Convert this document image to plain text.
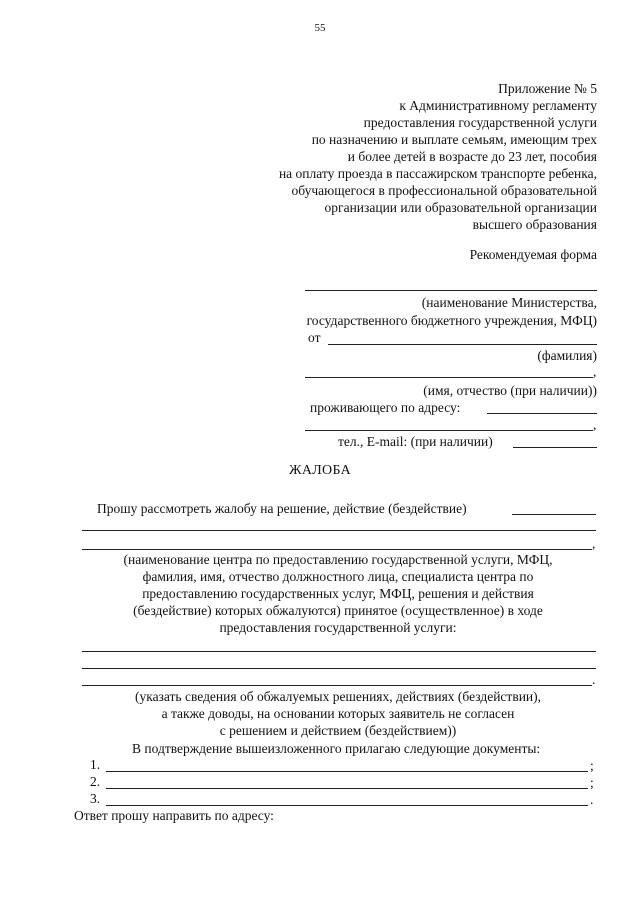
55
Приложение № 5
к Административному регламенту
предоставления государственной услуги
по назначению и выплате семьям, имеющим трех
и более детей в возрасте до 23 лет, пособия
на оплату проезда в пассажирском транспорте ребенка,
обучающегося в профессиональной образовательной
организации или образовательной организации
высшего образования
Рекомендуемая форма
(наименование Министерства,
государственного бюджетного учреждения, МФЦ)
от
(фамилия)
,
(имя, отчество (при наличии))
проживающего по адресу:
,
тел., E-mail: (при наличии)
ЖАЛОБА
Прошу рассмотреть жалобу на решение, действие (бездействие)
,
(наименование центра по предоставлению государственной услуги, МФЦ,
фамилия, имя, отчество должностного лица, специалиста центра по
предоставлению государственных услуг, МФЦ, решения и действия
(бездействие) которых обжалуются) принятое (осуществленное) в ходе
предоставления государственной услуги:
.
(указать сведения об обжалуемых решениях, действиях (бездействии),
а также доводы, на основании которых заявитель не согласен
с решением и действием (бездействием))
В подтверждение вышеизложенного прилагаю следующие документы:
1.	;
2.	;
3.	.
Ответ прошу направить по адресу:
